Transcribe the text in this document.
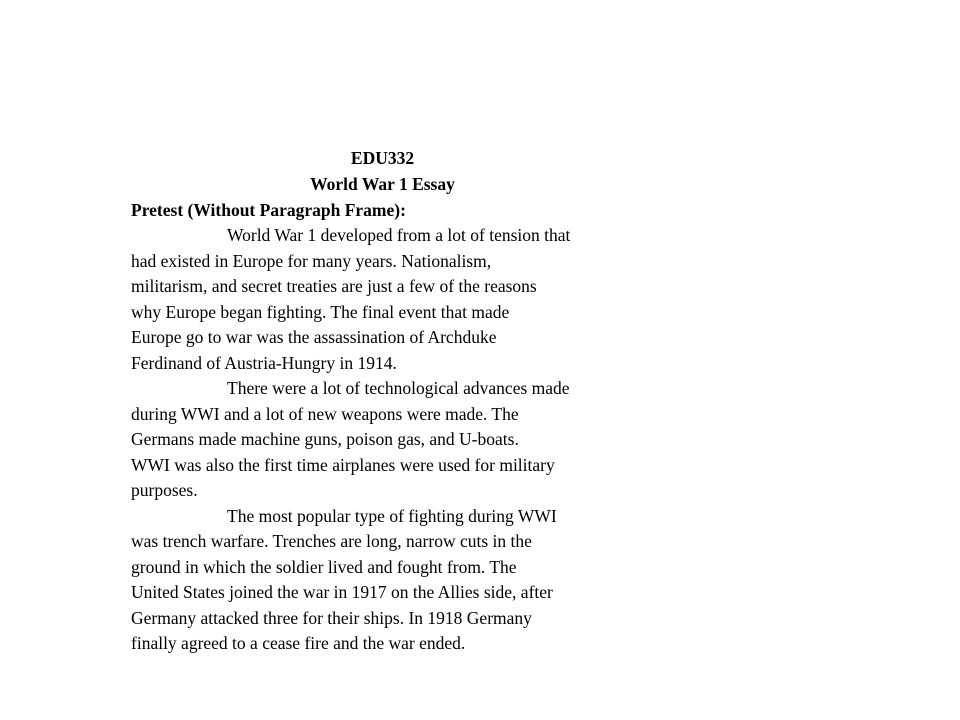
EDU332
World War 1 Essay
Pretest (Without Paragraph Frame):

World War 1 developed from a lot of tension that
had existed in Europe for many years. Nationalism,
militarism, and secret treaties are just a few of the reasons
why Europe began fighting. The final event that made
Europe go to war was the assassination of Archduke
Ferdinand of Austria-Hungry in 1914.

There were a lot of technological advances made
during WWI and a lot of new weapons were made. The
Germans made machine guns, poison gas, and U-boats.
WWI was also the first time airplanes were used for military
purposes.

The most popular type of fighting during WWI
was trench warfare. Trenches are long, narrow cuts in the
ground in which the soldier lived and fought from. The
United States joined the war in 1917 on the Allies side, after
Germany attacked three for their ships. In 1918 Germany
finally agreed to a cease fire and the war ended.
